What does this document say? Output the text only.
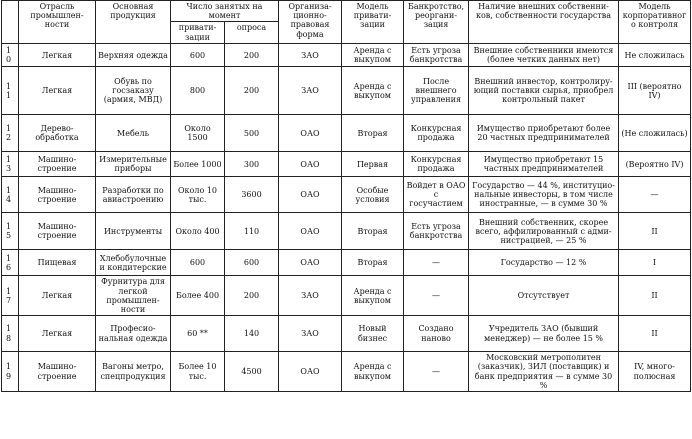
	Отрасль промышлен-ности	Основная продукция	Число занятых на момент		Организа-ционно-правовая форма	Модель привати-зации	Банкротство, реоргани-зация	Наличие внешних собственни-ков, собственности государства	Модель корпоративного контроля
			привати-зации	опроса					
10	Легкая	Верхняя одежда	600	200	ЗАО	Аренда с выкупом	Есть угроза банкротства	Внешние собственники имеются (более четких данных нет)	Не сложилась
11	Легкая	Обувь по госзаказу (армия, МВД)	800	200	ЗАО	Аренда с выкупом	После внешнего управления	Внешний инвестор, контролиру-ющий поставки сырья, приобрел контрольный пакет	III (вероятно IV)
12	Дерево-обработка	Мебель	Около 1500	500	ОАО	Вторая	Конкурсная продажа	Имущество приобретают более 20 частных предпринимателей	(Не сложилась)
13	Машино-строение	Измерительные приборы	Более 1000	300	ОАО	Первая	Конкурсная продажа	Имущество приобретают 15 частных предпринимателей	(Вероятно IV)
14	Машино-строение	Разработки по авиастроению	Около 10 тыс.	3600	ОАО	Особые условия	Войдет в ОАО с госучастием	Государство — 44 %, институцио-нальные инвесторы, в том числе иностранные, — в сумме 30 %	—
15	Машино-строение	Инструменты	Около 400	110	ОАО	Вторая	Есть угроза банкротства	Внешний собственник, скорее всего, аффилированный с адми-нистрацией, — 25 %	II
16	Пищевая	Хлебобулочные и кондитерские	600	600	ОАО	Вторая	—	Государство — 12 %	I
17	Легкая	Фурнитура для легкой промышлен-ности	Более 400	200	ЗАО	Аренда с выкупом	—	Отсутствует	II
18	Легкая	Професио-нальная одежда	60 **	140	ЗАО	Новый бизнес	Создано наново	Учредитель ЗАО (бывший менеджер) — не более 15 %	II
19	Машино-строение	Вагоны метро, спецпродукция	Более 10 тыс.	4500	ОАО	Аренда с выкупом	—	Московский метрополитен (заказчик), ЗИЛ (поставщик) и банк предприятия — в сумме 30 %	IV, много-полюсная
